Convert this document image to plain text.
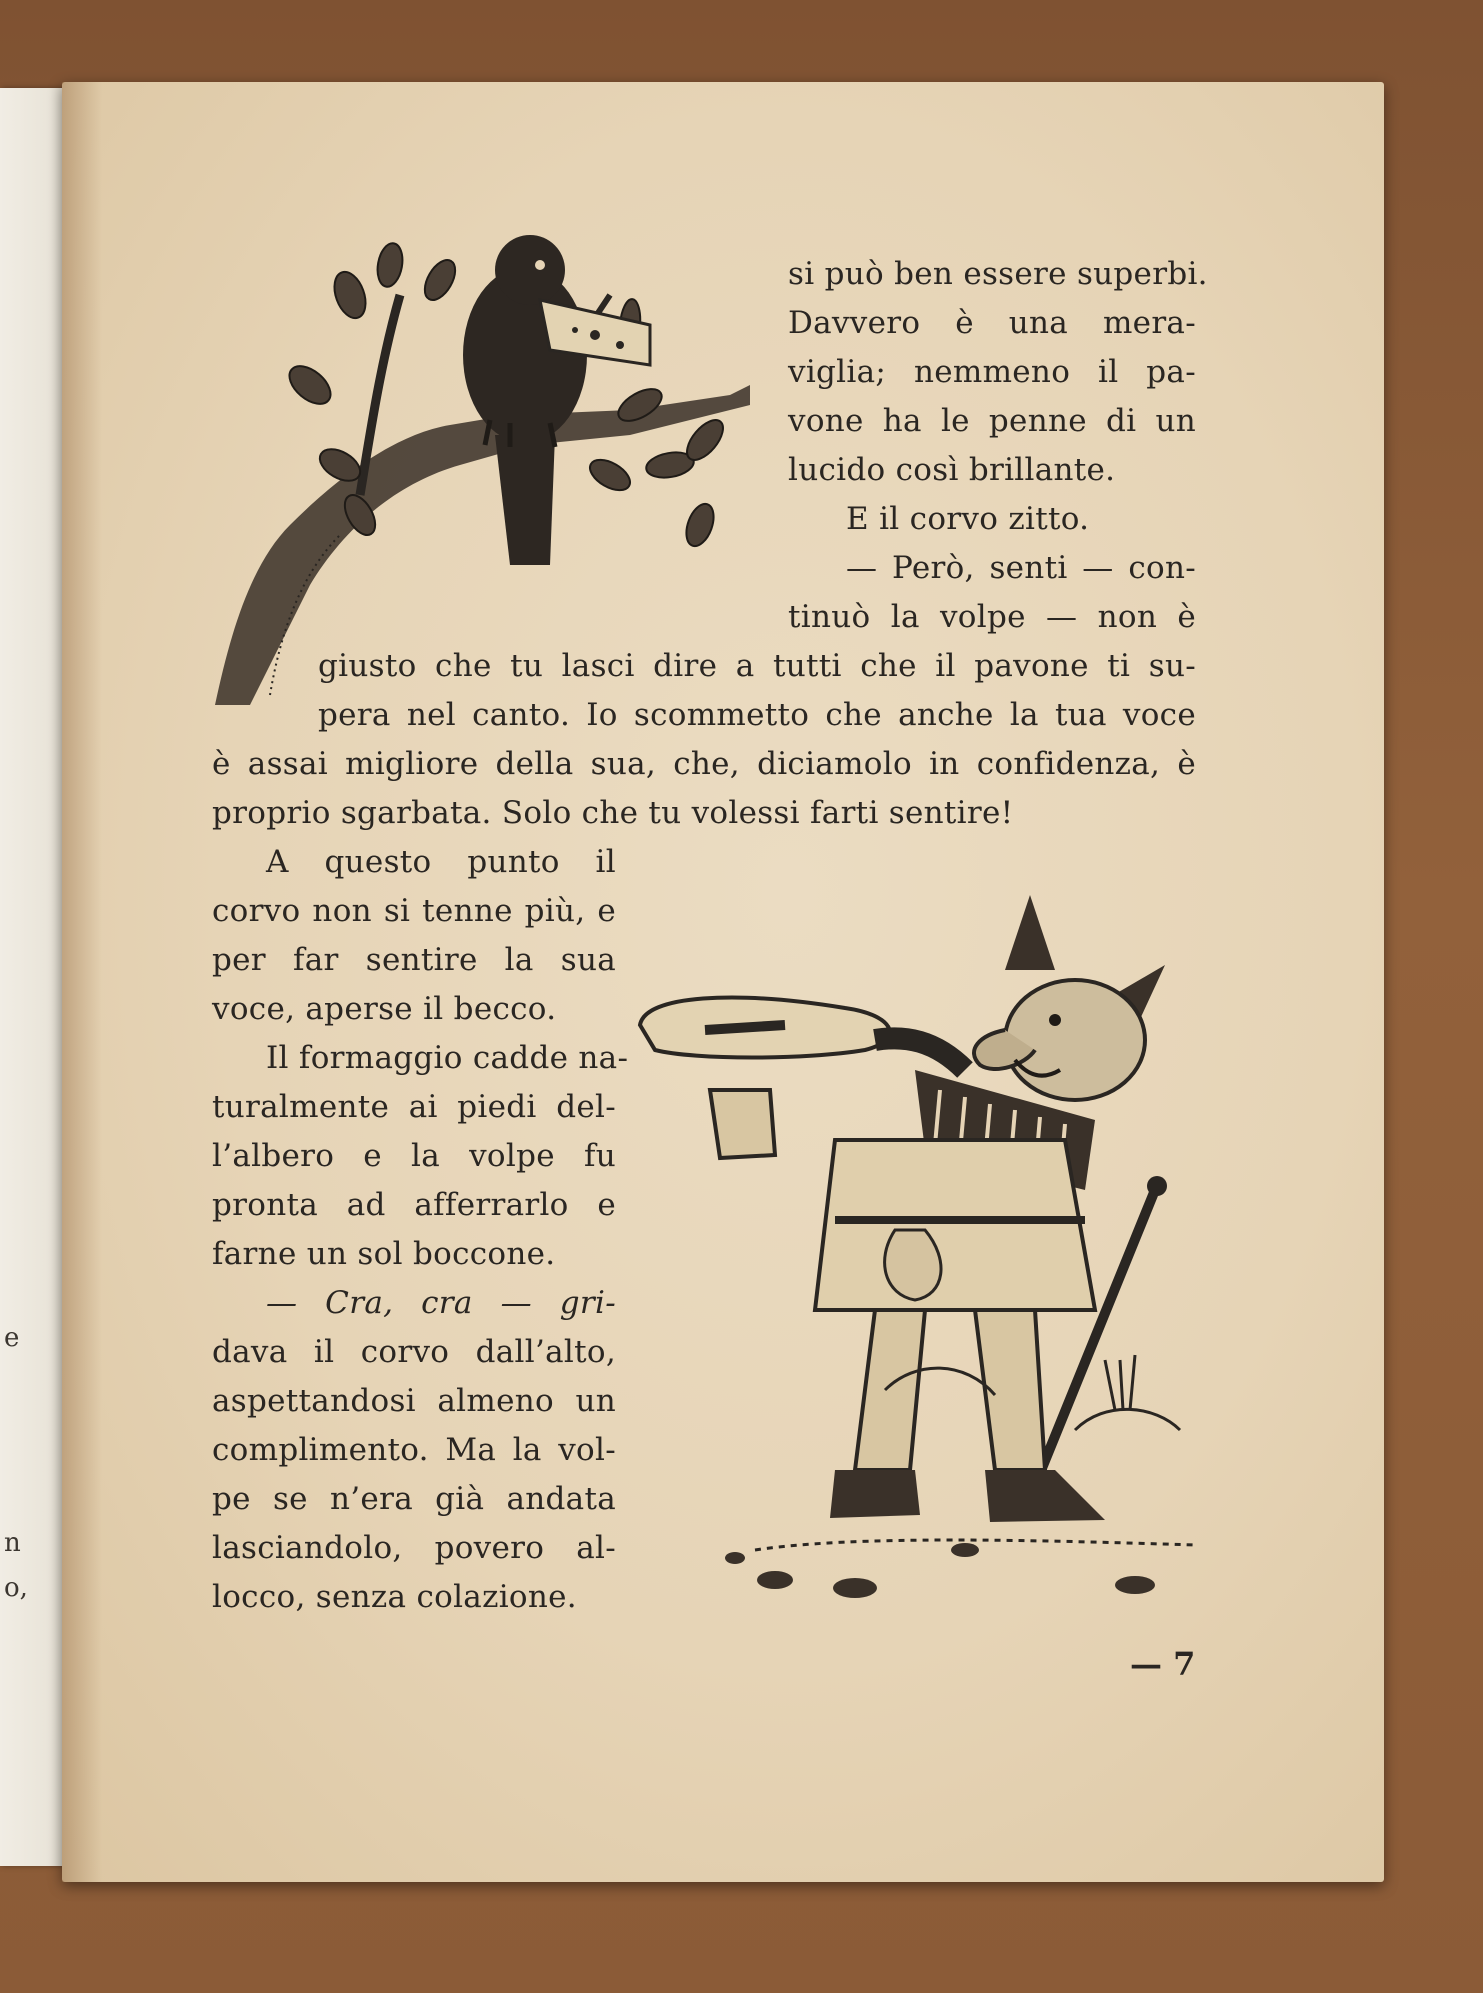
e
n
o,
si può ben essere superbi.
Davvero è una mera-
viglia; nemmeno il pa-
vone ha le penne di un
lucido così brillante.
E il corvo zitto.
— Però, senti — con-
tinuò la volpe — non è
giusto che tu lasci dire a tutti che il pavone ti su-
pera nel canto. Io scommetto che anche la tua voce
è assai migliore della sua, che, diciamolo in confidenza, è
proprio sgarbata. Solo che tu volessi farti sentire!
A questo punto il
corvo non si tenne più, e
per far sentire la sua
voce, aperse il becco.
Il formaggio cadde na-
turalmente ai piedi del-
l’albero e la volpe fu
pronta ad afferrarlo e
farne un sol boccone.
— Cra, cra — gri-
dava il corvo dall’alto,
aspettandosi almeno un
complimento. Ma la vol-
pe se n’era già andata
lasciandolo, povero al-
locco, senza colazione.
— 7
